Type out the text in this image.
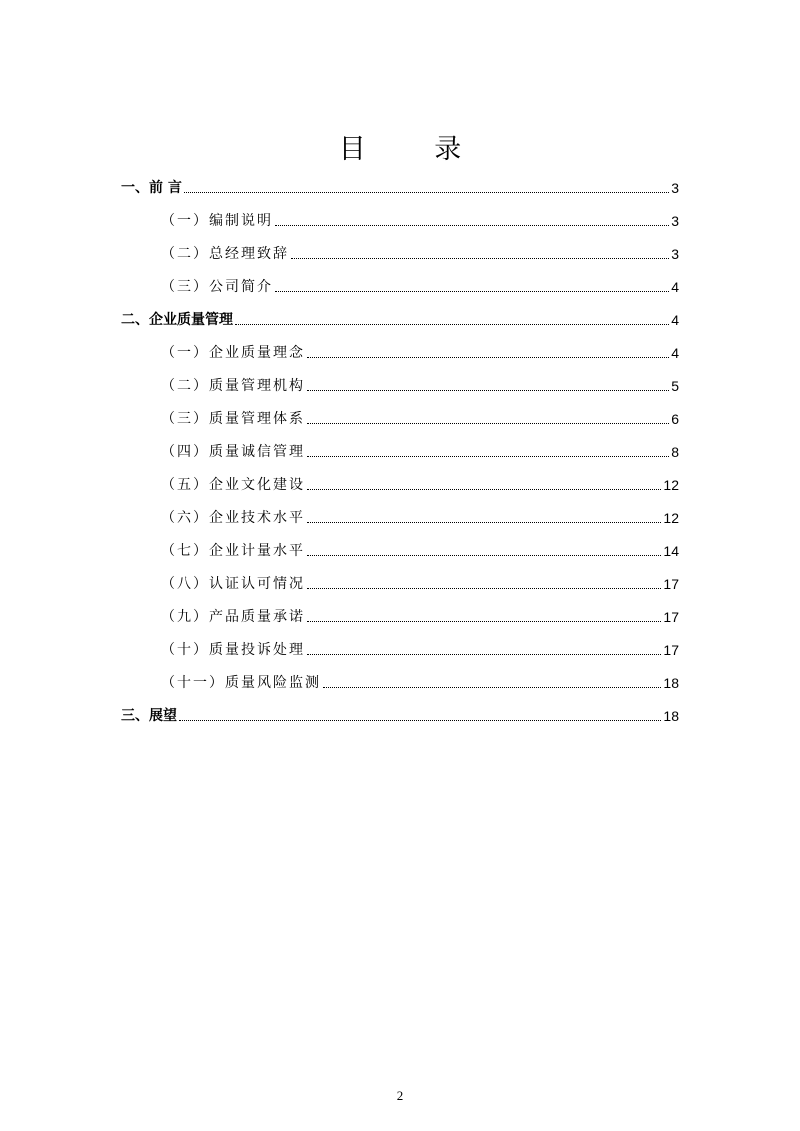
目 录
一、前 言	3
（一）编制说明	3
（二）总经理致辞	3
（三）公司简介	4
二、企业质量管理	4
（一）企业质量理念	4
（二）质量管理机构	5
（三）质量管理体系	6
（四）质量诚信管理	8
（五）企业文化建设	12
（六）企业技术水平	12
（七）企业计量水平	14
（八）认证认可情况	17
（九）产品质量承诺	17
（十）质量投诉处理	17
（十一）质量风险监测	18
三、展望	18
2
